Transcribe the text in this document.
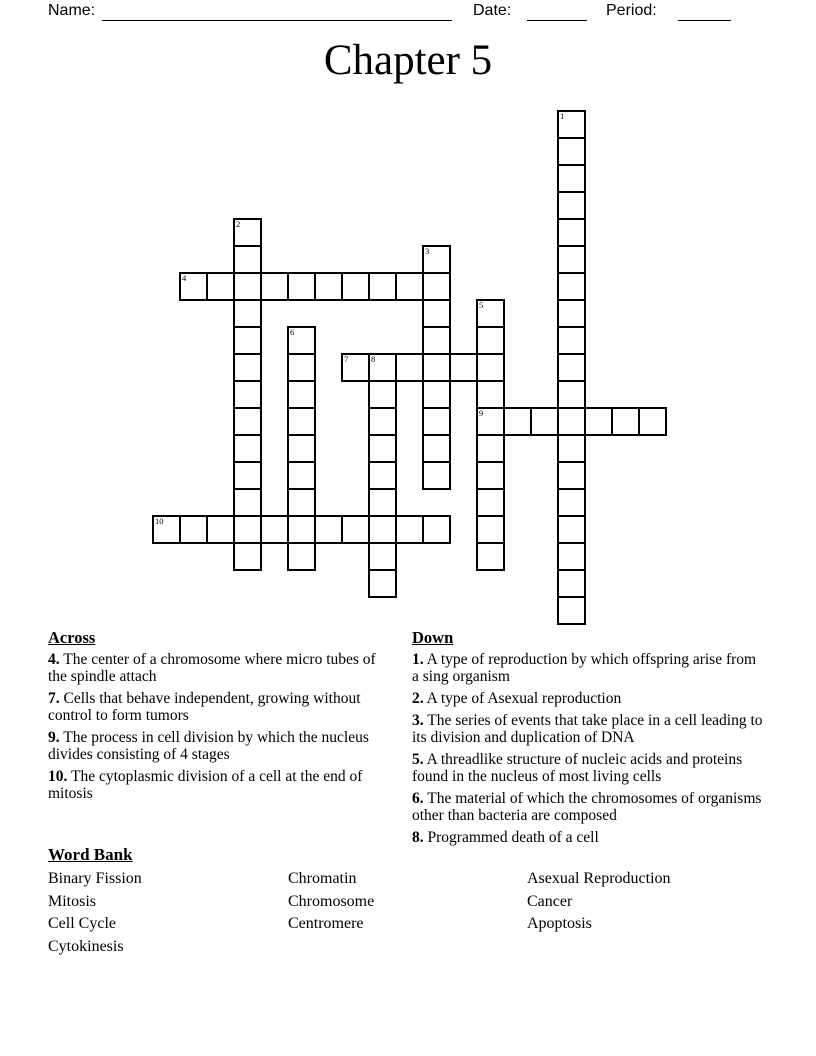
Name:	Date:	Period:
Chapter 5
1
2
3
4
5
9
6
7	8
10
Across
4. The center of a chromosome where micro tubes of the spindle attach
7. Cells that behave independent, growing without control to form tumors
9. The process in cell division by which the nucleus divides consisting of 4 stages
10. The cytoplasmic division of a cell at the end of mitosis
Down
1. A type of reproduction by which offspring arise from a sing organism
2. A type of Asexual reproduction
3. The series of events that take place in a cell leading to its division and duplication of DNA
5. A threadlike structure of nucleic acids and proteins found in the nucleus of most living cells
6. The material of which the chromosomes of organisms other than bacteria are composed
8. Programmed death of a cell
Word Bank
Binary Fission
Mitosis
Cell Cycle
Cytokinesis
Chromatin
Chromosome
Centromere
Asexual Reproduction
Cancer
Apoptosis
